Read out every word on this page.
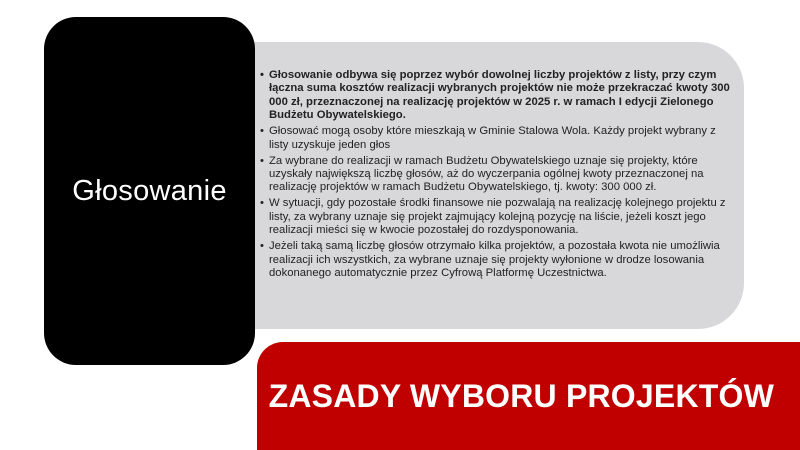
• Głosowanie odbywa się poprzez wybór dowolnej liczby projektów z listy, przy czym łączna suma kosztów realizacji wybranych projektów nie może przekraczać kwoty 300 000 zł, przeznaczonej na realizację projektów w 2025 r. w ramach I edycji Zielonego Budżetu Obywatelskiego.
• Głosować mogą osoby które mieszkają w Gminie Stalowa Wola. Każdy projekt wybrany z listy uzyskuje jeden głos
• Za wybrane do realizacji w ramach Budżetu Obywatelskiego uznaje się projekty, które uzyskały największą liczbę głosów, aż do wyczerpania ogólnej kwoty przeznaczonej na realizację projektów w ramach Budżetu Obywatelskiego, tj. kwoty: 300 000 zł.
• W sytuacji, gdy pozostałe środki finansowe nie pozwalają na realizację kolejnego projektu z listy, za wybrany uznaje się projekt zajmujący kolejną pozycję na liście, jeżeli koszt jego realizacji mieści się w kwocie pozostałej do rozdysponowania.
• Jeżeli taką samą liczbę głosów otrzymało kilka projektów, a pozostała kwota nie umożliwia realizacji ich wszystkich, za wybrane uznaje się projekty wyłonione w drodze losowania dokonanego automatycznie przez Cyfrową Platformę Uczestnictwa.
Głosowanie
ZASADY WYBORU PROJEKTÓW
